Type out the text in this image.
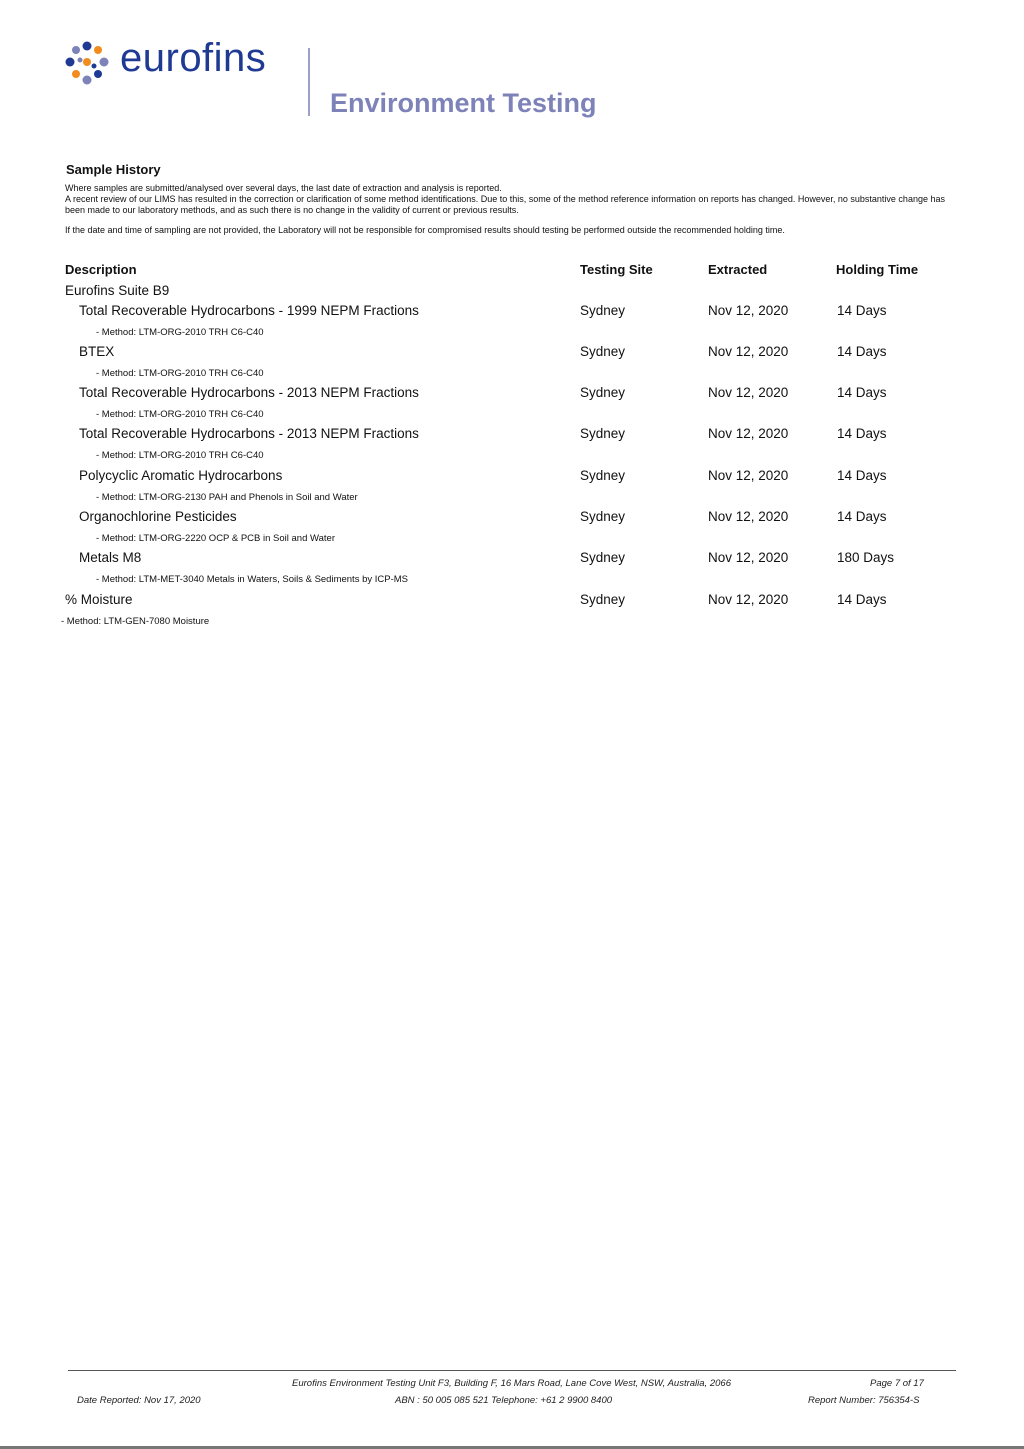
eurofins
Environment Testing
Sample History
Where samples are submitted/analysed over several days, the last date of extraction and analysis is reported.
A recent review of our LIMS has resulted in the correction or clarification of some method identifications. Due to this, some of the method reference information on reports has changed. However, no substantive change has been made to our laboratory methods, and as such there is no change in the validity of current or previous results.
If the date and time of sampling are not provided, the Laboratory will not be responsible for compromised results should testing be performed outside the recommended holding time.
Description	Testing Site	Extracted	Holding Time
Eurofins Suite B9
Total Recoverable Hydrocarbons - 1999 NEPM Fractions	Sydney	Nov 12, 2020	14 Days
- Method: LTM-ORG-2010 TRH C6-C40
BTEX	Sydney	Nov 12, 2020	14 Days
- Method: LTM-ORG-2010 TRH C6-C40
Total Recoverable Hydrocarbons - 2013 NEPM Fractions	Sydney	Nov 12, 2020	14 Days
- Method: LTM-ORG-2010 TRH C6-C40
Total Recoverable Hydrocarbons - 2013 NEPM Fractions	Sydney	Nov 12, 2020	14 Days
- Method: LTM-ORG-2010 TRH C6-C40
Polycyclic Aromatic Hydrocarbons	Sydney	Nov 12, 2020	14 Days
- Method: LTM-ORG-2130 PAH and Phenols in Soil and Water
Organochlorine Pesticides	Sydney	Nov 12, 2020	14 Days
- Method: LTM-ORG-2220 OCP & PCB in Soil and Water
Metals M8	Sydney	Nov 12, 2020	180 Days
- Method: LTM-MET-3040 Metals in Waters, Soils & Sediments by ICP-MS
% Moisture	Sydney	Nov 12, 2020	14 Days
- Method: LTM-GEN-7080 Moisture
Eurofins Environment Testing Unit F3, Building F, 16 Mars Road, Lane Cove West, NSW, Australia, 2066	Page 7 of 17
Date Reported: Nov 17, 2020	ABN : 50 005 085 521 Telephone: +61 2 9900 8400	Report Number: 756354-S
